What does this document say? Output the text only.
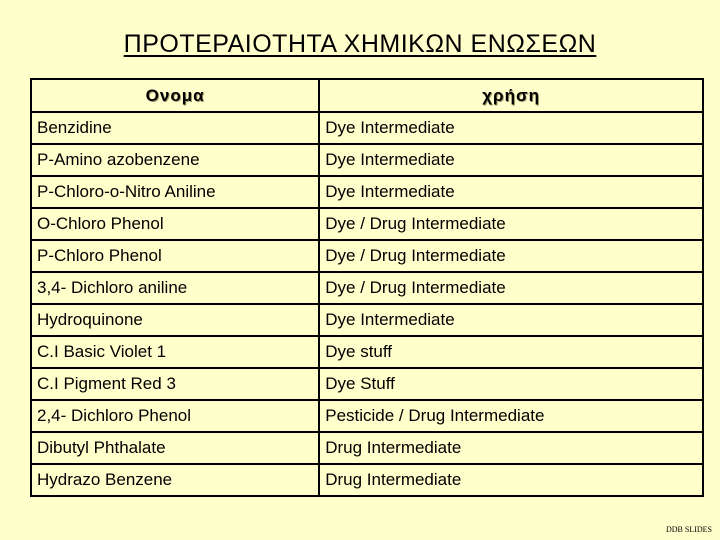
ΠΡΟΤΕΡΑΙΟΤΗΤΑ ΧΗΜΙΚΩΝ ΕΝΩΣΕΩΝ
Ονομα	χρήση
Benzidine	Dye Intermediate
P-Amino azobenzene	Dye Intermediate
P-Chloro-o-Nitro Aniline	Dye Intermediate
O-Chloro Phenol	Dye / Drug Intermediate
P-Chloro Phenol	Dye / Drug Intermediate
3,4- Dichloro aniline	Dye / Drug Intermediate
Hydroquinone	Dye Intermediate
C.I Basic Violet 1	Dye stuff
C.I Pigment Red 3	Dye Stuff
2,4- Dichloro Phenol	Pesticide / Drug Intermediate
Dibutyl Phthalate	Drug Intermediate
Hydrazo Benzene	Drug Intermediate
DDB SLIDES
